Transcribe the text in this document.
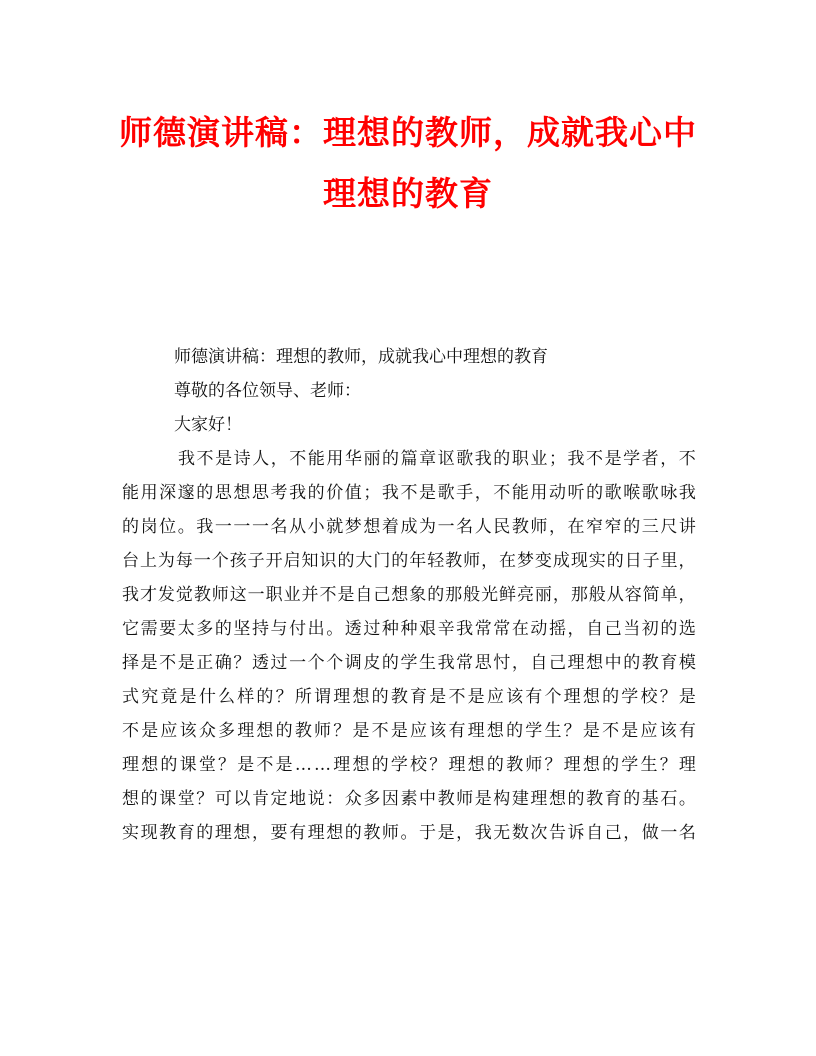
师德演讲稿：理想的教师，成就我心中
理想的教育

师德演讲稿：理想的教师，成就我心中理想的教育

尊敬的各位领导、老师：

大家好！

我 不 是 诗 人 ， 不 能 用 华 丽 的 篇 章 讴 歌 我 的 职 业 ； 我 不 是 学 者 ， 不
能 用 深 邃 的 思 想 思 考 我 的 价 值 ； 我 不 是 歌 手 ， 不 能 用 动 听 的 歌 喉 歌 咏 我
的 岗 位 。 我 一 一 一 名 从 小 就 梦 想 着 成 为 一 名 人 民 教 师 ， 在 窄 窄 的 三 尺 讲
台 上 为 每 一 个 孩 子 开 启 知 识 的 大 门 的 年 轻 教 师 ， 在 梦 变 成 现 实 的 日 子 里 ，
我 才 发 觉 教 师 这 一 职 业 并 不 是 自 己 想 象 的 那 般 光 鲜 亮 丽 ， 那 般 从 容 简 单 ，
它 需 要 太 多 的 坚 持 与 付 出 。 透 过 种 种 艰 辛 我 常 常 在 动 摇 ， 自 己 当 初 的 选
择 是 不 是 正 确 ？ 透 过 一 个 个 调 皮 的 学 生 我 常 思 忖 ， 自 己 理 想 中 的 教 育 模
式 究 竟 是 什 么 样 的 ？ 所 谓 理 想 的 教 育 是 不 是 应 该 有 个 理 想 的 学 校 ？ 是
不 是 应 该 众 多 理 想 的 教 师 ？ 是 不 是 应 该 有 理 想 的 学 生 ？ 是 不 是 应 该 有
理 想 的 课 堂 ？ 是 不 是 … … 理 想 的 学 校 ？ 理 想 的 教 师 ？ 理 想 的 学 生 ？ 理
想 的 课 堂 ？ 可 以 肯 定 地 说 ： 众 多 因 素 中 教 师 是 构 建 理 想 的 教 育 的 基 石 。
实 现 教 育 的 理 想 ， 要 有 理 想 的 教 师 。 于 是 ， 我 无 数 次 告 诉 自 己 ， 做 一 名
